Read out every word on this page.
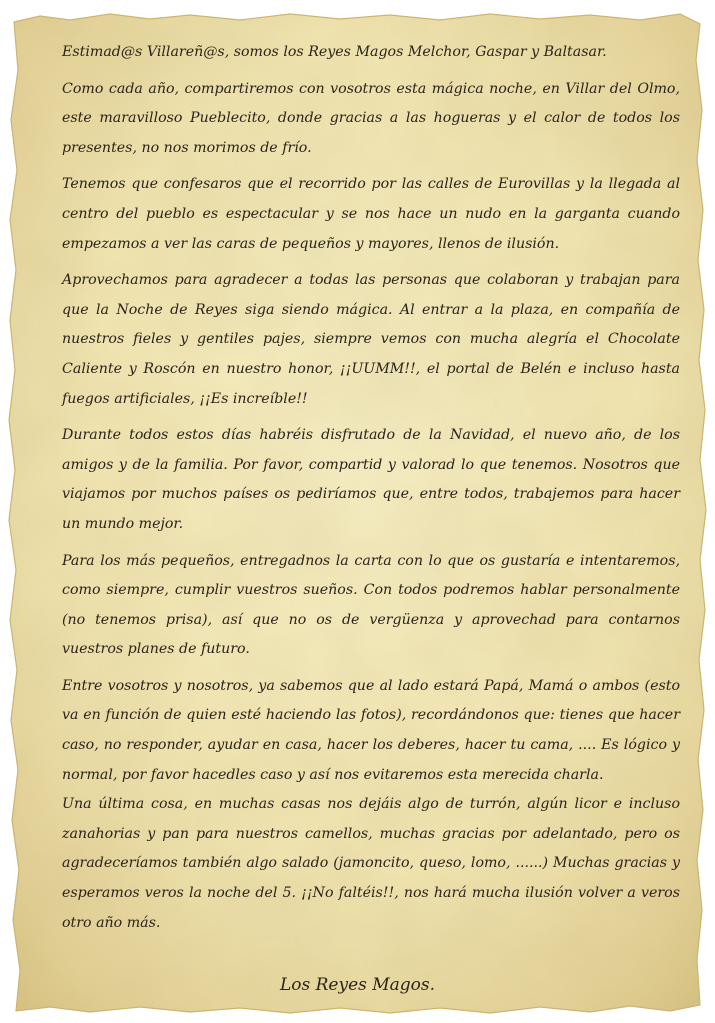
Estimad@s Villareñ@s, somos los Reyes Magos Melchor, Gaspar y Baltasar.

Como cada año, compartiremos con vosotros esta mágica noche, en Villar del Olmo, este maravilloso Pueblecito, donde gracias a las hogueras y el calor de todos los presentes, no nos morimos de frío.

Tenemos que confesaros que el recorrido por las calles de Eurovillas y la llegada al centro del pueblo es espectacular y se nos hace un nudo en la garganta cuando empezamos a ver las caras de pequeños y mayores, llenos de ilusión.

Aprovechamos para agradecer a todas las personas que colaboran y trabajan para que la Noche de Reyes siga siendo mágica. Al entrar a la plaza, en compañía de nuestros fieles y gentiles pajes, siempre vemos con mucha alegría el Chocolate Caliente y Roscón en nuestro honor, ¡¡UUMM!!, el portal de Belén e incluso hasta fuegos artificiales, ¡¡Es increíble!!

Durante todos estos días habréis disfrutado de la Navidad, el nuevo año, de los amigos y de la familia. Por favor, compartid y valorad lo que tenemos. Nosotros que viajamos por muchos países os pediríamos que, entre todos, trabajemos para hacer un mundo mejor.

Para los más pequeños, entregadnos la carta con lo que os gustaría e intentaremos, como siempre, cumplir vuestros sueños. Con todos podremos hablar personalmente (no tenemos prisa), así que no os de vergüenza y aprovechad para contarnos vuestros planes de futuro.

Entre vosotros y nosotros, ya sabemos que al lado estará Papá, Mamá o ambos (esto va en función de quien esté haciendo las fotos), recordándonos que: tienes que hacer caso, no responder, ayudar en casa, hacer los deberes, hacer tu cama, .... Es lógico y normal, por favor hacedles caso y así nos evitaremos esta merecida charla.

Una última cosa, en muchas casas nos dejáis algo de turrón, algún licor e incluso zanahorias y pan para nuestros camellos, muchas gracias por adelantado, pero os agradeceríamos también algo salado (jamoncito, queso, lomo, ......) Muchas gracias y esperamos veros la noche del 5. ¡¡No faltéis!!, nos hará mucha ilusión volver a veros otro año más.

Los Reyes Magos.
